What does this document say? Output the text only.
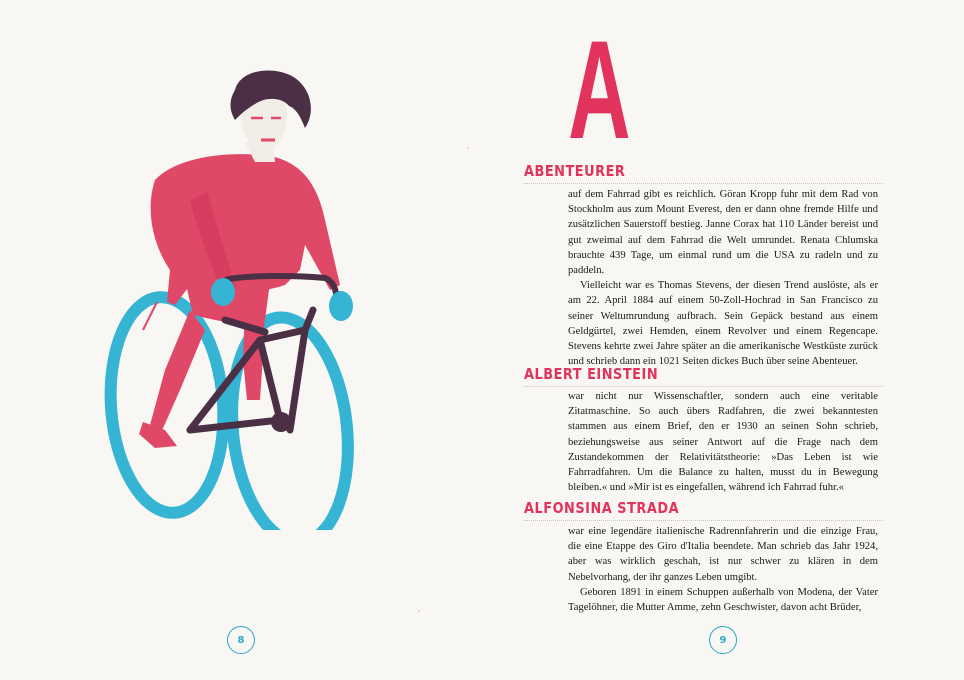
8
A
ABENTEURER

auf dem Fahrrad gibt es reichlich. Göran Kropp fuhr mit dem Rad von Stockholm aus zum Mount Everest, den er dann ohne fremde Hilfe und zusätzlichen Sauerstoff bestieg. Janne Corax hat 110 Länder bereist und gut zweimal auf dem Fahrrad die Welt umrundet. Renata Chlumska brauchte 439 Tage, um einmal rund um die USA zu radeln und zu paddeln.

Vielleicht war es Thomas Stevens, der diesen Trend auslöste, als er am 22. April 1884 auf einem 50-Zoll-Hochrad in San Francisco zu seiner Weltumrundung aufbrach. Sein Gepäck bestand aus einem Geldgürtel, zwei Hemden, einem Revolver und einem Regencape. Stevens kehrte zwei Jahre später an die amerikanische Westküste zurück und schrieb dann ein 1021 Seiten dickes Buch über seine Abenteuer.

ALBERT EINSTEIN

war nicht nur Wissenschaftler, sondern auch eine veritable Zitatmaschine. So auch übers Radfahren, die zwei bekanntesten stammen aus einem Brief, den er 1930 an seinen Sohn schrieb, beziehungsweise aus seiner Antwort auf die Frage nach dem Zustandekommen der Relativitätstheorie: »Das Leben ist wie Fahrradfahren. Um die Balance zu halten, musst du in Bewegung bleiben.« und »Mir ist es eingefallen, während ich Fahrrad fuhr.«

ALFONSINA STRADA

war eine legendäre italienische Radrennfahrerin und die einzige Frau, die eine Etappe des Giro d'Italia beendete. Man schrieb das Jahr 1924, aber was wirklich geschah, ist nur schwer zu klären in dem Nebelvorhang, der ihr ganzes Leben umgibt.

Geboren 1891 in einem Schuppen außerhalb von Modena, der Vater Tagelöhner, die Mutter Amme, zehn Geschwister, davon acht Brüder,

9
